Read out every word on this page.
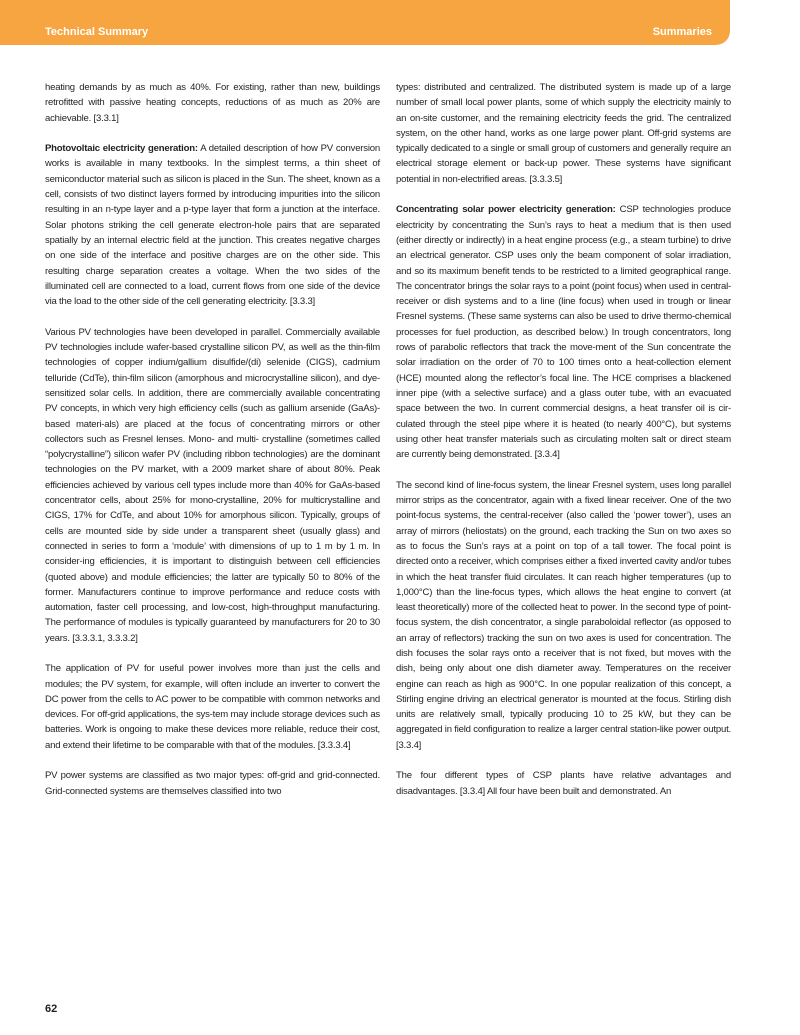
Technical Summary	Summaries

heating demands by as much as 40%. For existing, rather than new, buildings retrofitted with passive heating concepts, reductions of as much as 20% are achievable. [3.3.1]

Photovoltaic electricity generation: A detailed description of how PV conversion works is available in many textbooks. In the simplest terms, a thin sheet of semiconductor material such as silicon is placed in the Sun. The sheet, known as a cell, consists of two distinct layers formed by introducing impurities into the silicon resulting in an n-type layer and a p-type layer that form a junction at the interface. Solar photons striking the cell generate electron-hole pairs that are separated spatially by an internal electric field at the junction. This creates negative charges on one side of the interface and positive charges are on the other side. This resulting charge separation creates a voltage. When the two sides of the illuminated cell are connected to a load, current flows from one side of the device via the load to the other side of the cell generating electricity. [3.3.3]

Various PV technologies have been developed in parallel. Commercially available PV technologies include wafer-based crystalline silicon PV, as well as the thin-film technologies of copper indium/gallium disulfide/(di) selenide (CIGS), cadmium telluride (CdTe), thin-film silicon (amorphous and microcrystalline silicon), and dye-sensitized solar cells. In addition, there are commercially available concentrating PV concepts, in which very high efficiency cells (such as gallium arsenide (GaAs)-based materi-als) are placed at the focus of concentrating mirrors or other collectors such as Fresnel lenses. Mono- and multi- crystalline (sometimes called “polycrystalline”) silicon wafer PV (including ribbon technologies) are the dominant technologies on the PV market, with a 2009 market share of about 80%. Peak efficiencies achieved by various cell types include more than 40% for GaAs-based concentrator cells, about 25% for mono-crystalline, 20% for multicrystalline and CIGS, 17% for CdTe, and about 10% for amorphous silicon. Typically, groups of cells are mounted side by side under a transparent sheet (usually glass) and connected in series to form a ‘module’ with dimensions of up to 1 m by 1 m. In consider-ing efficiencies, it is important to distinguish between cell efficiencies (quoted above) and module efficiencies; the latter are typically 50 to 80% of the former. Manufacturers continue to improve performance and reduce costs with automation, faster cell processing, and low-cost, high-throughput manufacturing. The performance of modules is typically guaranteed by manufacturers for 20 to 30 years. [3.3.3.1, 3.3.3.2]

The application of PV for useful power involves more than just the cells and modules; the PV system, for example, will often include an inverter to convert the DC power from the cells to AC power to be compatible with common networks and devices. For off-grid applications, the sys-tem may include storage devices such as batteries. Work is ongoing to make these devices more reliable, reduce their cost, and extend their lifetime to be comparable with that of the modules. [3.3.3.4]

PV power systems are classified as two major types: off-grid and grid-connected. Grid-connected systems are themselves classified into two

types: distributed and centralized. The distributed system is made up of a large number of small local power plants, some of which supply the electricity mainly to an on-site customer, and the remaining electricity feeds the grid. The centralized system, on the other hand, works as one large power plant. Off-grid systems are typically dedicated to a single or small group of customers and generally require an electrical storage element or back-up power. These systems have significant potential in non-electrified areas. [3.3.3.5]

Concentrating solar power electricity generation: CSP technologies produce electricity by concentrating the Sun’s rays to heat a medium that is then used (either directly or indirectly) in a heat engine process (e.g., a steam turbine) to drive an electrical generator. CSP uses only the beam component of solar irradiation, and so its maximum benefit tends to be restricted to a limited geographical range. The concentrator brings the solar rays to a point (point focus) when used in central-receiver or dish systems and to a line (line focus) when used in trough or linear Fresnel systems. (These same systems can also be used to drive thermo-chemical processes for fuel production, as described below.) In trough concentrators, long rows of parabolic reflectors that track the move-ment of the Sun concentrate the solar irradiation on the order of 70 to 100 times onto a heat-collection element (HCE) mounted along the reflector’s focal line. The HCE comprises a blackened inner pipe (with a selective surface) and a glass outer tube, with an evacuated space between the two. In current commercial designs, a heat transfer oil is cir-culated through the steel pipe where it is heated (to nearly 400°C), but systems using other heat transfer materials such as circulating molten salt or direct steam are currently being demonstrated. [3.3.4]

The second kind of line-focus system, the linear Fresnel system, uses long parallel mirror strips as the concentrator, again with a fixed linear receiver. One of the two point-focus systems, the central-receiver (also called the ‘power tower’), uses an array of mirrors (heliostats) on the ground, each tracking the Sun on two axes so as to focus the Sun’s rays at a point on top of a tall tower. The focal point is directed onto a receiver, which comprises either a fixed inverted cavity and/or tubes in which the heat transfer fluid circulates. It can reach higher temperatures (up to 1,000°C) than the line-focus types, which allows the heat engine to convert (at least theoretically) more of the collected heat to power. In the second type of point-focus system, the dish concentrator, a single paraboloidal reflector (as opposed to an array of reflectors) tracking the sun on two axes is used for concentration. The dish focuses the solar rays onto a receiver that is not fixed, but moves with the dish, being only about one dish diameter away. Temperatures on the receiver engine can reach as high as 900°C. In one popular realization of this concept, a Stirling engine driving an electrical generator is mounted at the focus. Stirling dish units are relatively small, typically producing 10 to 25 kW, but they can be aggregated in field configuration to realize a larger central station-like power output. [3.3.4]

The four different types of CSP plants have relative advantages and disadvantages. [3.3.4] All four have been built and demonstrated. An

62
